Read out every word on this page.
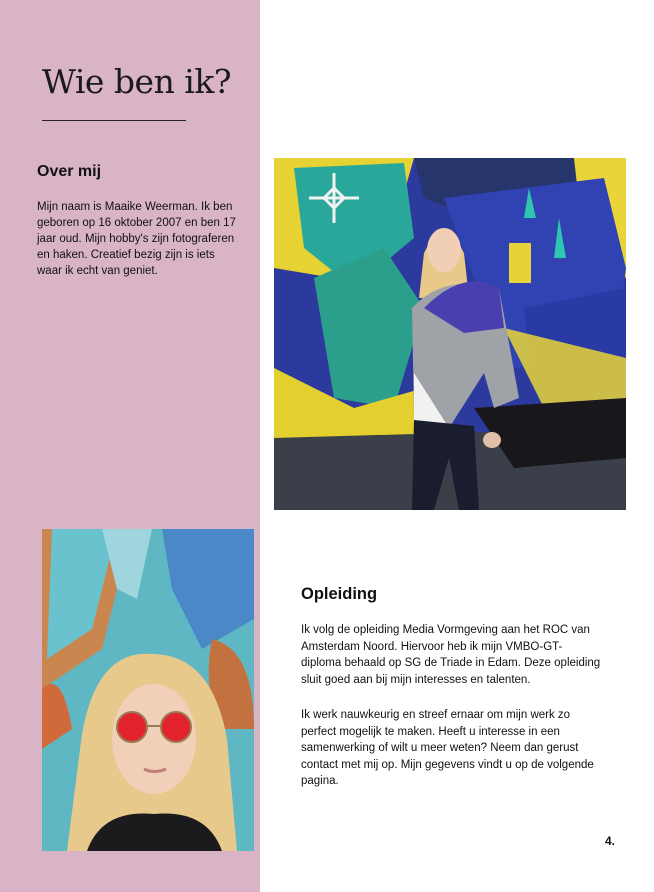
Wie ben ik?
Over mij

Mijn naam is Maaike Weerman. Ik ben geboren op 16 oktober 2007 en ben 17 jaar oud. Mijn hobby's zijn fotograferen en haken. Creatief bezig zijn is iets waar ik echt van geniet.

Opleiding

Ik volg de opleiding Media Vormgeving aan het ROC van Amsterdam Noord. Hiervoor heb ik mijn VMBO-GT-diploma behaald op SG de Triade in Edam. Deze opleiding sluit goed aan bij mijn interesses en talenten.

Ik werk nauwkeurig en streef ernaar om mijn werk zo perfect mogelijk te maken. Heeft u interesse in een samenwerking of wilt u meer weten? Neem dan gerust contact met mij op. Mijn gegevens vindt u op de volgende pagina.

4.
